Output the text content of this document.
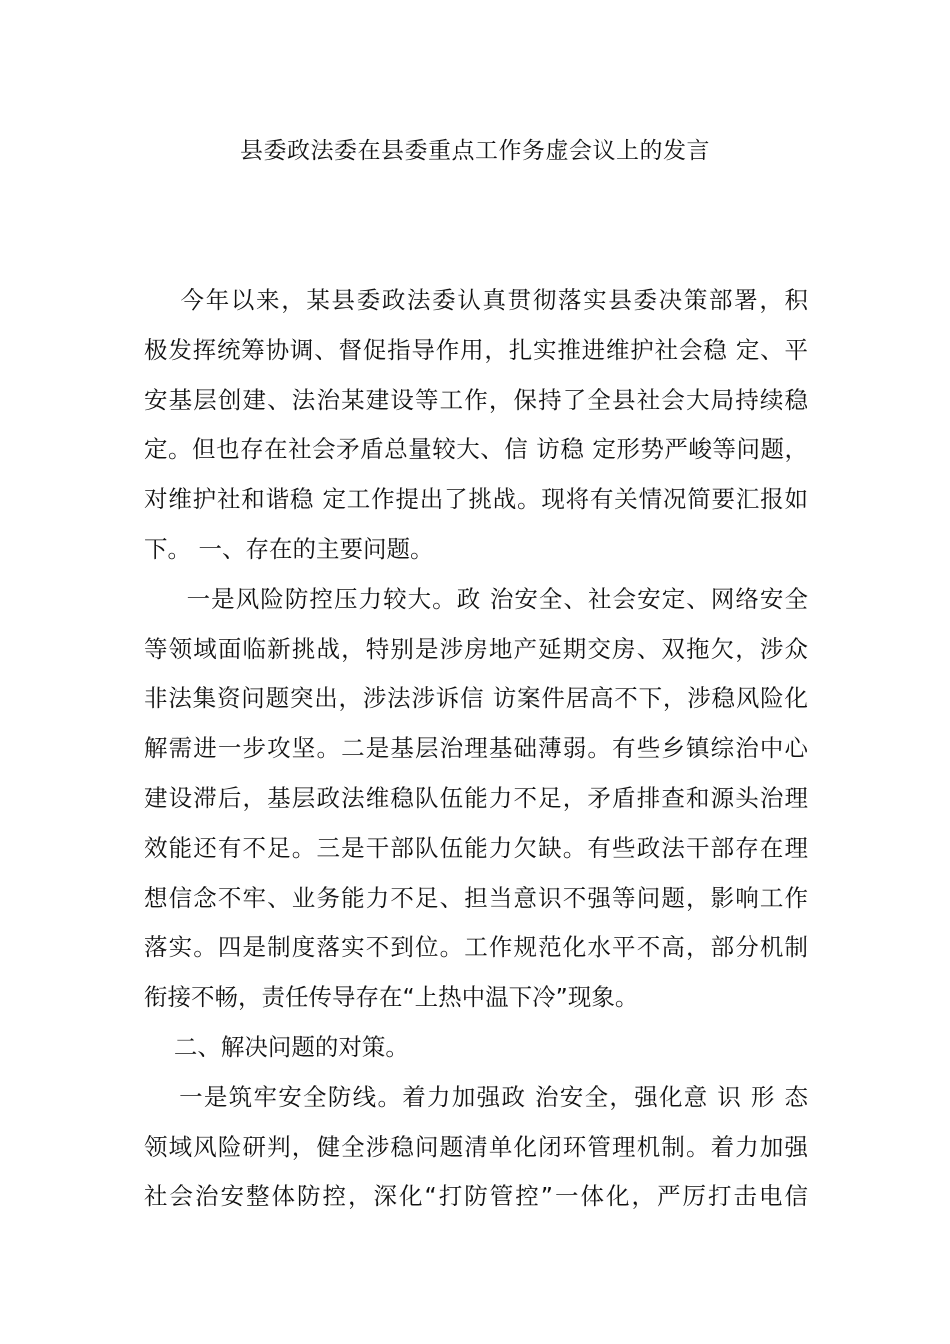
县委政法委在县委重点工作务虚会议上的发言
今年以来，某县委政法委认真贯彻落实县委决策部署，积
极发挥统筹协调、督促指导作用，扎实推进维护社会稳 定、平
安基层创建、法治某建设等工作，保持了全县社会大局持续稳
定。但也存在社会矛盾总量较大、信 访稳 定形势严峻等问题，
对维护社和谐稳 定工作提出了挑战。现将有关情况简要汇报如
下。 一、存在的主要问题。
一是风险防控压力较大。政 治安全、社会安定、网络安全
等领域面临新挑战，特别是涉房地产延期交房、双拖欠，涉众
非法集资问题突出，涉法涉诉信 访案件居高不下，涉稳风险化
解需进一步攻坚。二是基层治理基础薄弱。有些乡镇综治中心
建设滞后，基层政法维稳队伍能力不足，矛盾排查和源头治理
效能还有不足。三是干部队伍能力欠缺。有些政法干部存在理
想信念不牢、业务能力不足、担当意识不强等问题，影响工作
落实。四是制度落实不到位。工作规范化水平不高，部分机制
衔接不畅，责任传导存在“上热中温下冷”现象。
二、解决问题的对策。
一是筑牢安全防线。着力加强政 治安全，强化意 识 形 态
领域风险研判，健全涉稳问题清单化闭环管理机制。着力加强
社会治安整体防控，深化“打防管控”一体化，严厉打击电信
